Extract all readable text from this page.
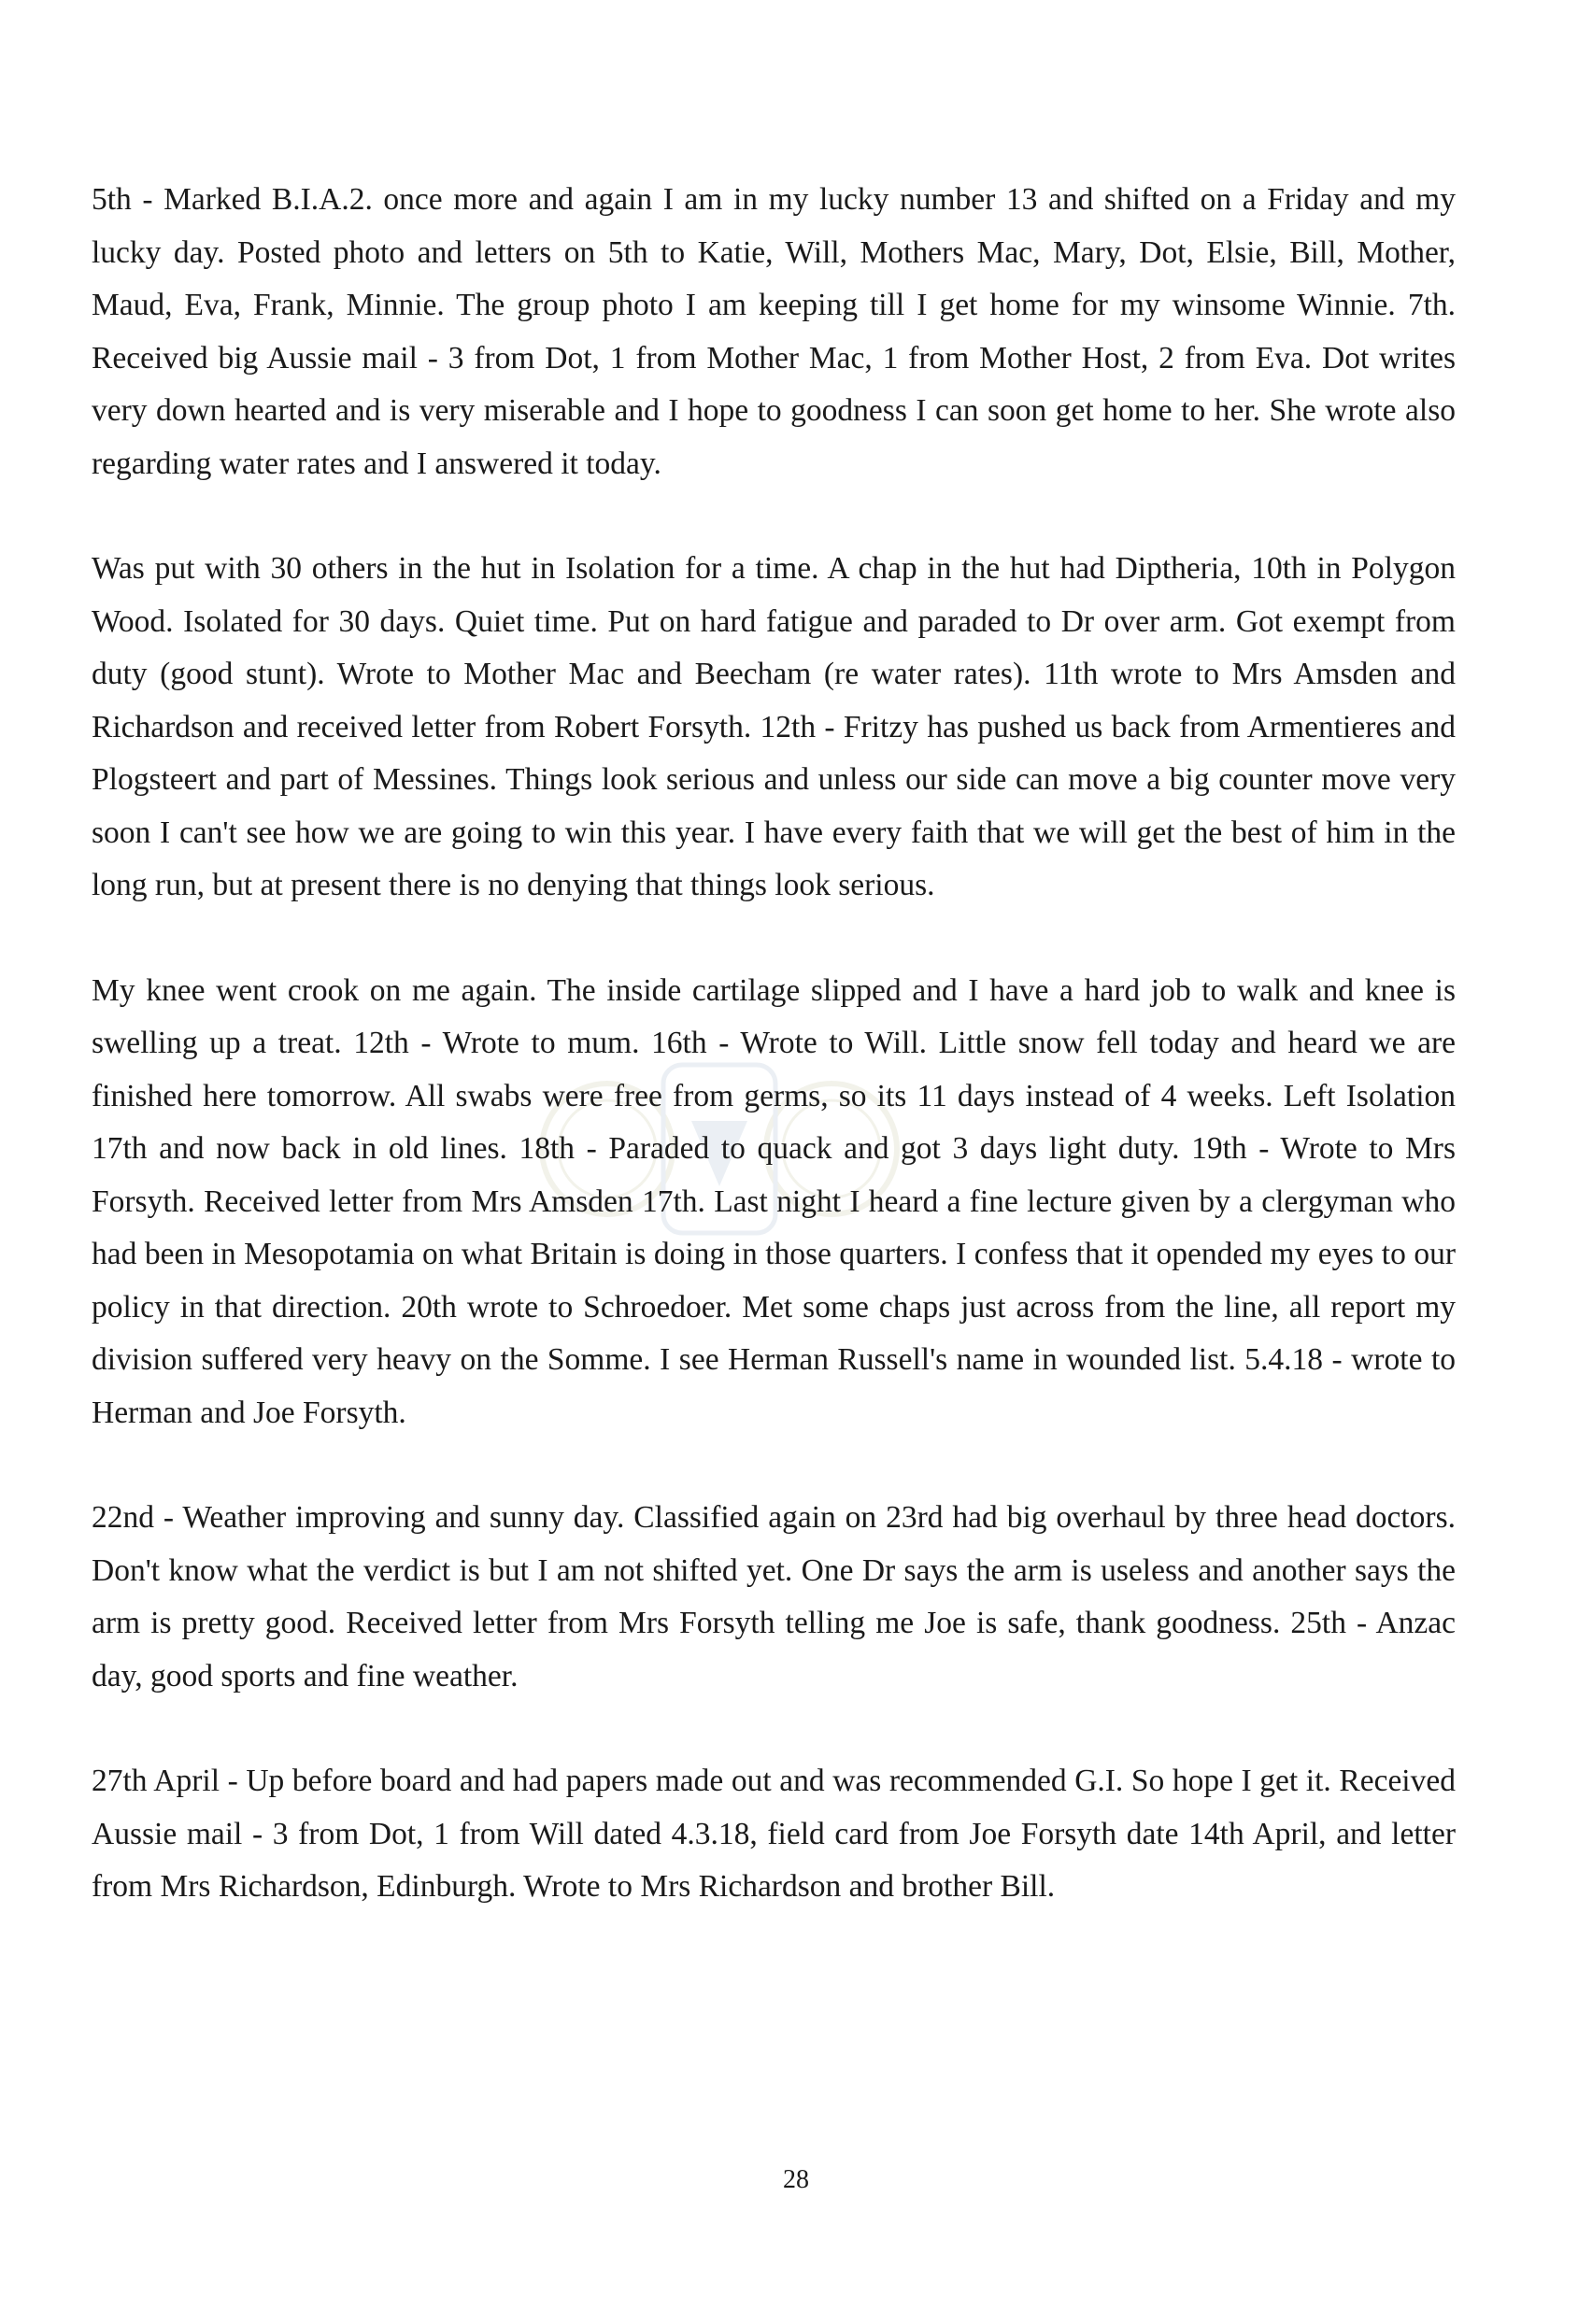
5th - Marked B.I.A.2. once more and again I am in my lucky number 13 and shifted on a Friday and my lucky day. Posted photo and letters on 5th to Katie, Will, Mothers Mac, Mary, Dot, Elsie, Bill, Mother, Maud, Eva, Frank, Minnie. The group photo I am keeping till I get home for my winsome Winnie. 7th. Received big Aussie mail - 3 from Dot, 1 from Mother Mac, 1 from Mother Host, 2 from Eva. Dot writes very down hearted and is very miserable and I hope to goodness I can soon get home to her. She wrote also regarding water rates and I answered it today.

Was put with 30 others in the hut in Isolation for a time. A chap in the hut had Diptheria, 10th in Polygon Wood. Isolated for 30 days. Quiet time. Put on hard fatigue and paraded to Dr over arm. Got exempt from duty (good stunt). Wrote to Mother Mac and Beecham (re water rates). 11th wrote to Mrs Amsden and Richardson and received letter from Robert Forsyth. 12th - Fritzy has pushed us back from Armentieres and Plogsteert and part of Messines. Things look serious and unless our side can move a big counter move very soon I can't see how we are going to win this year. I have every faith that we will get the best of him in the long run, but at present there is no denying that things look serious.

My knee went crook on me again. The inside cartilage slipped and I have a hard job to walk and knee is swelling up a treat. 12th - Wrote to mum. 16th - Wrote to Will. Little snow fell today and heard we are finished here tomorrow. All swabs were free from germs, so its 11 days instead of 4 weeks. Left Isolation 17th and now back in old lines. 18th - Paraded to quack and got 3 days light duty. 19th - Wrote to Mrs Forsyth. Received letter from Mrs Amsden 17th. Last night I heard a fine lecture given by a clergyman who had been in Mesopotamia on what Britain is doing in those quarters. I confess that it opended my eyes to our policy in that direction. 20th wrote to Schroedoer. Met some chaps just across from the line, all report my division suffered very heavy on the Somme. I see Herman Russell's name in wounded list. 5.4.18 - wrote to Herman and Joe Forsyth.

22nd - Weather improving and sunny day. Classified again on 23rd had big overhaul by three head doctors. Don't know what the verdict is but I am not shifted yet. One Dr says the arm is useless and another says the arm is pretty good. Received letter from Mrs Forsyth telling me Joe is safe, thank goodness. 25th - Anzac day, good sports and fine weather.

27th April - Up before board and had papers made out and was recommended G.I. So hope I get it. Received Aussie mail - 3 from Dot, 1 from Will dated 4.3.18, field card from Joe Forsyth date 14th April, and letter from Mrs Richardson, Edinburgh. Wrote to Mrs Richardson and brother Bill.

28
